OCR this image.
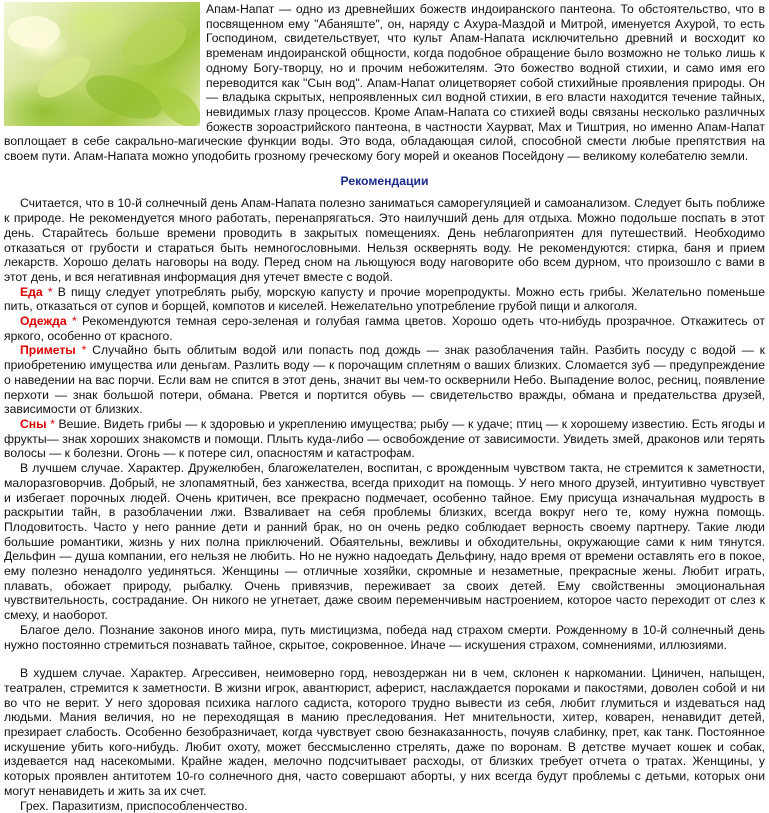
Апам-Напат — одно из древнейших божеств индоиранского пантеона. То обстоятельство, что в посвященном ему "Абаняште", он, наряду с Ахура-Маздой и Митрой, именуется Ахурой, то есть Господином, свидетельствует, что культ Апам-Напата исключительно древний и восходит ко временам индоиранской общности, когда подобное обращение было возможно не только лишь к одному Богу-творцу, но и прочим небожителям. Это божество водной стихии, и само имя его переводится как "Сын вод". Апам-Напат олицетворяет собой стихийные проявления природы. Он — владыка скрытых, непроявленных сил водной стихии, в его власти находится течение тайных, невидимых глазу процессов. Кроме Апам-Напата со стихией воды связаны несколько различных божеств зороастрийского пантеона, в частности Хаурват, Мах и Тиштрия, но именно Апам-Напат воплощает в себе сакрально-магические функции воды. Это вода, обладающая силой, способной смести любые препятствия на своем пути. Апам-Напата можно уподобить грозному греческому богу морей и океанов Посейдону — великому колебателю земли.

Рекомендации

Считается, что в 10-й солнечный день Апам-Напата полезно заниматься саморегуляцией и самоанализом. Следует быть поближе к природе. Не рекомендуется много работать, перенапрягаться. Это наилучший день для отдыха. Можно подольше поспать в этот день. Старайтесь больше времени проводить в закрытых помещениях. День неблагоприятен для путешествий. Необходимо отказаться от грубости и стараться быть немногословными. Нельзя осквернять воду. Не рекомендуются: стирка, баня и прием лекарств. Хорошо делать наговоры на воду. Перед сном на льющуюся воду наговорите обо всем дурном, что произошло с вами в этот день, и вся негативная информация дня утечет вместе с водой.

Еда * В пищу следует употреблять рыбу, морскую капусту и прочие морепродукты. Можно есть грибы. Желательно поменьше пить, отказаться от супов и борщей, компотов и киселей. Нежелательно употребление грубой пищи и алкоголя.

Одежда * Рекомендуются темная серо-зеленая и голубая гамма цветов. Хорошо одеть что-нибудь прозрачное. Откажитесь от яркого, особенно от красного.

Приметы * Случайно быть облитым водой или попасть под дождь — знак разоблачения тайн. Разбить посуду с водой — к приобретению имущества или деньгам. Разлить воду — к порочащим сплетням о ваших близких. Сломается зуб — предупреждение о наведении на вас порчи. Если вам не спится в этот день, значит вы чем-то осквернили Небо. Выпадение волос, ресниц, появление перхоти — знак большой потери, обмана. Рвется и портится обувь — свидетельство вражды, обмана и предательства друзей, зависимости от близких.

Сны * Вешие. Видеть грибы — к здоровью и укреплению имущества; рыбу — к удаче; птиц — к хорошему известию. Есть ягоды и фрукты— знак хороших знакомств и помощи. Плыть куда-либо — освобождение от зависимости. Увидеть змей, драконов или терять волосы — к болезни. Огонь — к потере сил, опасностям и катастрофам.

В лучшем случае. Характер. Дружелюбен, благожелателен, воспитан, с врожденным чувством такта, не стремится к заметности, малоразговорчив. Добрый, не злопамятный, без ханжества, всегда приходит на помощь. У него много друзей, интуитивно чувствует и избегает порочных людей. Очень критичен, все прекрасно подмечает, особенно тайное. Ему присуща изначальная мудрость в раскрытии тайн, в разоблачении лжи. Взваливает на себя проблемы близких, всегда вокруг него те, кому нужна помощь. Плодовитость. Часто у него ранние дети и ранний брак, но он очень редко соблюдает верность своему партнеру. Такие люди большие романтики, жизнь у них полна приключений. Обаятельны, вежливы и обходительны, окружающие сами к ним тянутся. Дельфин — душа компании, его нельзя не любить. Но не нужно надоедать Дельфину, надо время от времени оставлять его в покое, ему полезно ненадолго уединяться. Женщины — отличные хозяйки, скромные и незаметные, прекрасные жены. Любит играть, плавать, обожает природу, рыбалку. Очень привязчив, переживает за своих детей. Ему свойственны эмоциональная чувствительность, сострадание. Он никого не угнетает, даже своим переменчивым настроением, которое часто переходит от слез к смеху, и наоборот.

Благое дело. Познание законов иного мира, путь мистицизма, победа над страхом смерти. Рожденному в 10-й солнечный день нужно постоянно стремиться познавать тайное, скрытое, сокровенное. Иначе — искушения страхом, сомнениями, иллюзиями.

В худшем случае. Характер. Агрессивен, неимоверно горд, невоздержан ни в чем, склонен к наркомании. Циничен, напыщен, театрален, стремится к заметности. В жизни игрок, авантюрист, аферист, наслаждается пороками и пакостями, доволен собой и ни во что не верит. У него здоровая психика наглого садиста, которого трудно вывести из себя, любит глумиться и издеваться над людьми. Мания величия, но не переходящая в манию преследования. Нет мнительности, хитер, коварен, ненавидит детей, презирает слабость. Особенно безобразничает, когда чувствует свою безнаказанность, почуяв слабинку, прет, как танк. Постоянное искушение убить кого-нибудь. Любит охоту, может бессмысленно стрелять, даже по воронам. В детстве мучает кошек и собак, издевается над насекомыми. Крайне жаден, мелочно подсчитывает расходы, от близких требует отчета о тратах. Женщины, у которых проявлен антитотем 10-го солнечного дня, часто совершают аборты, у них всегда будут проблемы с детьми, которых они могут ненавидеть и жить за их счет.

Грех. Паразитизм, приспособленчество.
